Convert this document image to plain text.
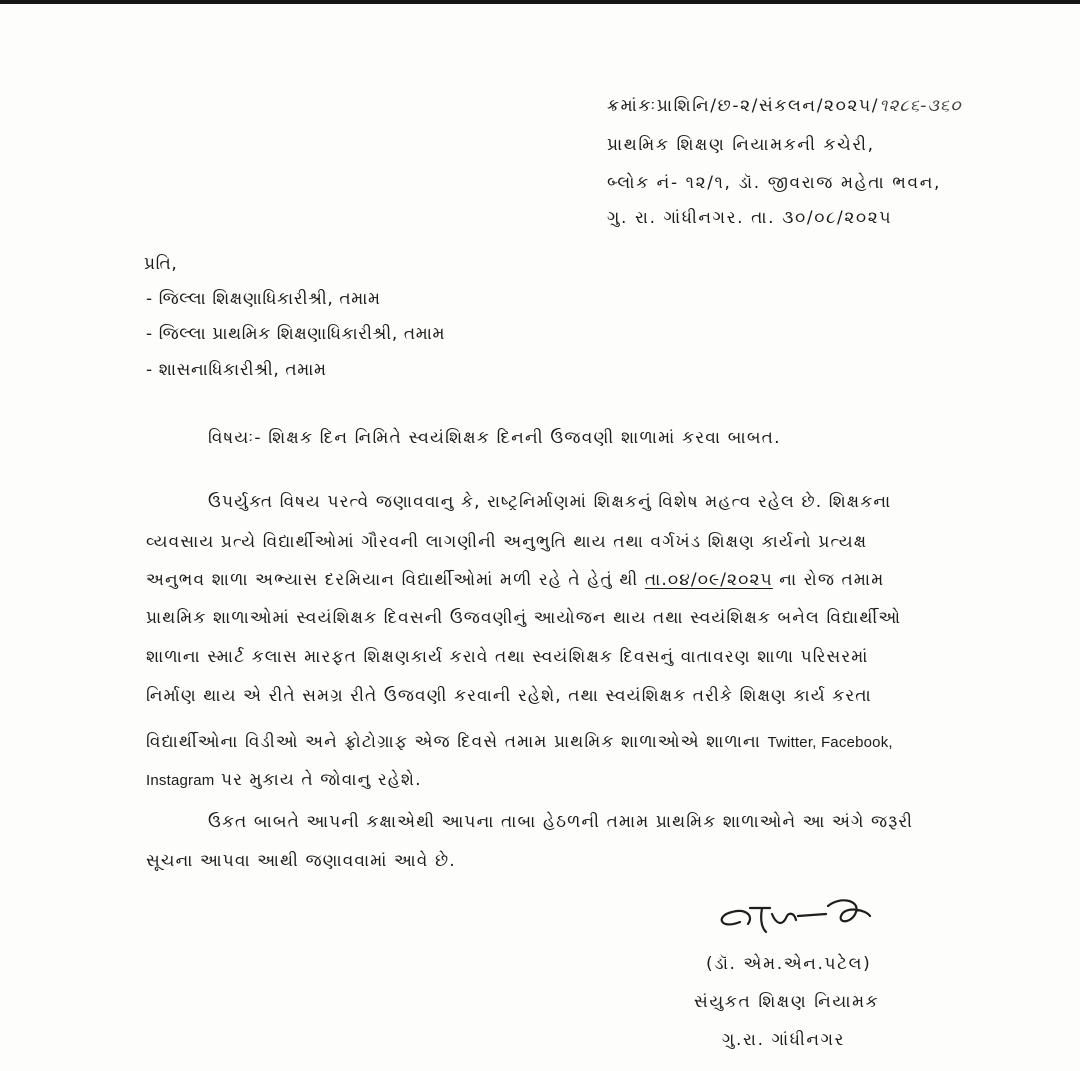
ક્રમાંકઃપ્રાશિનિ/છ-૨/સંકલન/૨૦૨૫/૧૨૮૬-૩૬૦
પ્રાથમિક શિક્ષણ નિયામકની કચેરી,
બ્લોક નં- ૧૨/૧, ડૉ. જીવરાજ મહેતા ભવન,
ગુ. રા. ગાંધીનગર. તા. ૩૦/૦૮/૨૦૨૫
પ્રતિ,
- જિલ્લા શિક્ષણાધિકારીશ્રી, તમામ
- જિલ્લા પ્રાથમિક શિક્ષણાધિકારીશ્રી, તમામ
- શાસનાધિકારીશ્રી, તમામ
વિષયઃ- શિક્ષક દિન નિમિતે સ્વયંશિક્ષક દિનની ઉજવણી શાળામાં કરવા બાબત.
ઉપર્યુક્ત વિષય પરત્વે જણાવવાનુ કે, રાષ્ટ્રનિર્માણમાં શિક્ષકનું વિશેષ મહત્વ રહેલ છે. શિક્ષકના
વ્યવસાય પ્રત્યે વિદ્યાર્થીઓમાં ગૌરવની લાગણીની અનુભુતિ થાય તથા વર્ગખંડ શિક્ષણ કાર્યનો પ્રત્યક્ષ
અનુભવ શાળા અભ્યાસ દરમિયાન વિદ્યાર્થીઓમાં મળી રહે તે હેતું થી તા.૦૪/૦૯/૨૦૨૫ ના રોજ તમામ
પ્રાથમિક શાળાઓમાં સ્વયંશિક્ષક દિવસની ઉજવણીનું આયોજન થાય તથા સ્વયંશિક્ષક બનેલ વિદ્યાર્થીઓ
શાળાના સ્માર્ટ કલાસ મારફત શિક્ષણકાર્ય કરાવે તથા સ્વયંશિક્ષક દિવસનું વાતાવરણ શાળા પરિસરમાં
નિર્માણ થાય એ રીતે સમગ્ર રીતે ઉજવણી કરવાની રહેશે, તથા સ્વયંશિક્ષક તરીકે શિક્ષણ કાર્ય કરતા
વિદ્યાર્થીઓના વિડીઓ અને ફ્રોટોગ્રાફ એજ દિવસે તમામ પ્રાથમિક શાળાઓએ શાળાના Twitter, Facebook,
Instagram પર મુકાય તે જોવાનુ રહેશે.
ઉકત બાબતે આપની કક્ષાએથી આપના તાબા હેઠળની તમામ પ્રાથમિક શાળાઓને આ અંગે જરૂરી
સૂચના આપવા આથી જણાવવામાં આવે છે.
(ડૉ. એમ.એન.પટેલ)
સંયુકત શિક્ષણ નિયામક
ગુ.રા. ગાંધીનગર
